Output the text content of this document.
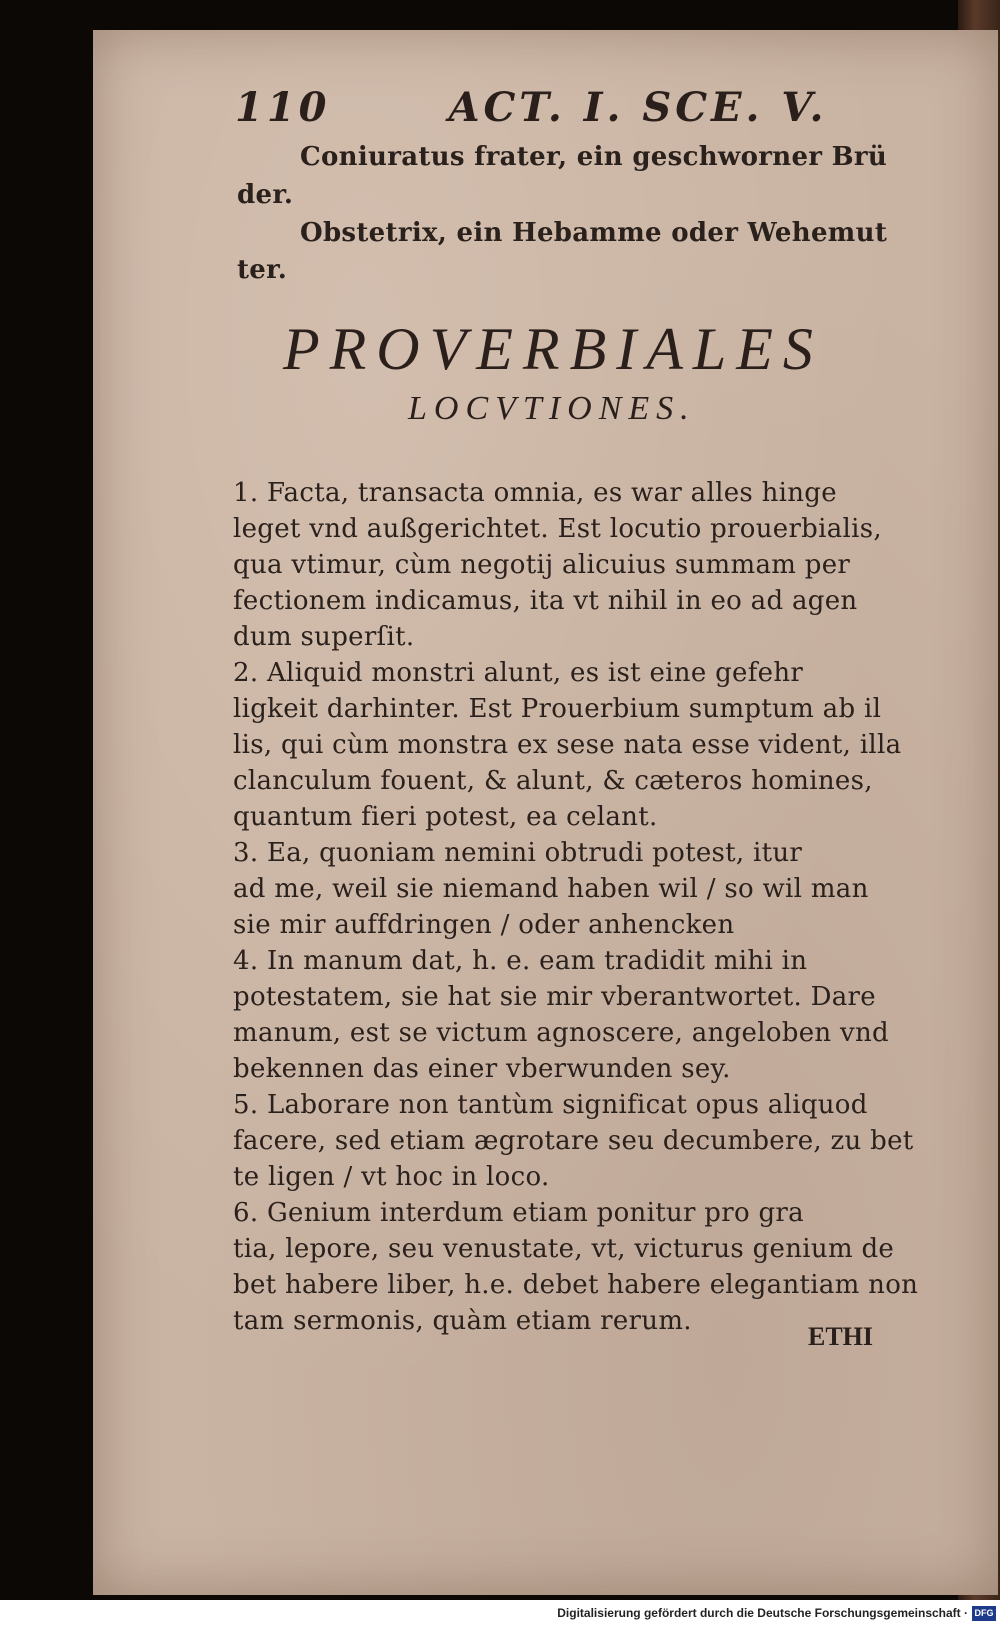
110	ACT. I. SCE. V.
Coniuratus frater, ein geschworner Brü
der.
Obstetrix, ein Hebamme oder Wehemut
ter.
PROVERBIALES
LOCVTIONES.
1. Facta, transacta omnia, es war alles hinge
leget vnd außgerichtet. Est locutio prouerbialis,
qua vtimur, cùm negotij alicuius summam per
fectionem indicamus, ita vt nihil in eo ad agen
dum superſit.
2. Aliquid monstri alunt, es ist eine gefehr
ligkeit darhinter. Est Prouerbium sumptum ab il
lis, qui cùm monstra ex sese nata esse vident, illa
clanculum fouent, & alunt, & cæteros homines,
quantum fieri potest, ea celant.
3. Ea, quoniam nemini obtrudi potest, itur
ad me, weil sie niemand haben wil / so wil man
sie mir auffdringen / oder anhencken
4. In manum dat, h. e. eam tradidit mihi in
potestatem, sie hat sie mir vberantwortet. Dare
manum, est se victum agnoscere, angeloben vnd
bekennen das einer vberwunden sey.
5. Laborare non tantùm significat opus aliquod
facere, sed etiam ægrotare seu decumbere, zu bet
te ligen / vt hoc in loco.
6. Genium interdum etiam ponitur pro gra
tia, lepore, seu venustate, vt, victurus genium de
bet habere liber, h.e. debet habere elegantiam non
tam sermonis, quàm etiam rerum.
ETHI
Digitalisierung gefördert durch die Deutsche Forschungsgemeinschaft · DFG
